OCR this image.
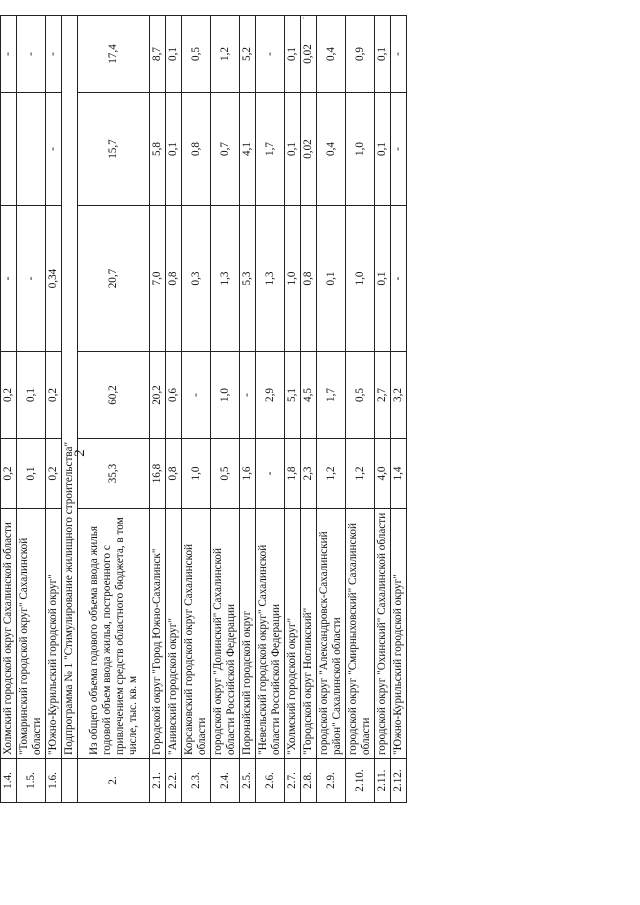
·
2

1.4.	Холмский городской округ Сахалинской области	0,2	0,2	-		-
1.5.	"Томаринский городской округ" Сахалинской области	0,1	0,1	-		-
1.6.	"Южно-Курильский городской округ"	0,2	0,2	0,34	-	-
	Подпрограмма № 1 "Стимулирование жилищного строительства"					
2.	Из общего объема годового объема ввода жилья годовой объем ввода жилья, построенного с привлечением средств областного бюджета, в том числе, тыс. кв. м	35,3	60,2	20,7	15,7	17,4
2.1.	Городской округ "Город Южно-Сахалинск"	16,8	20,2	7,0	5,8	8,7
2.2.	"Анивский городской округ"	0,8	0,6	0,8	0,1	0,1
2.3.	Корсаковский городской округ Сахалинской области	1,0	-	0,3	0,8	0,5
2.4.	городской округ "Долинский" Сахалинской области Российской Федерации	0,5	1,0	1,3	0,7	1,2
2.5.	Поронайский городской округ	1,6	-	5,3	4,1	5,2
2.6.	"Невельский городской округ" Сахалинской области Российской Федерации	-	2,9	1,3	1,7	-
2.7.	"Холмский городской округ"	1,8	5,1	1,0	0,1	0,1
2.8.	"Городской округ Ногликский"	2,3	4,5	0,8	0,02	0,02
2.9.	городской округ "Александровск-Сахалинский район" Сахалинской области	1,2	1,7	0,1	0,4	0,4
2.10.	городской округ "Смирныховский" Сахалинской области	1,2	0,5	1,0	1,0	0,9
2.11.	городской округ "Охинский" Сахалинской области	4,0	2,7	0,1	0,1	0,1
2.12.	"Южно-Курильский городской округ"	1,4	3,2	-	-	-
